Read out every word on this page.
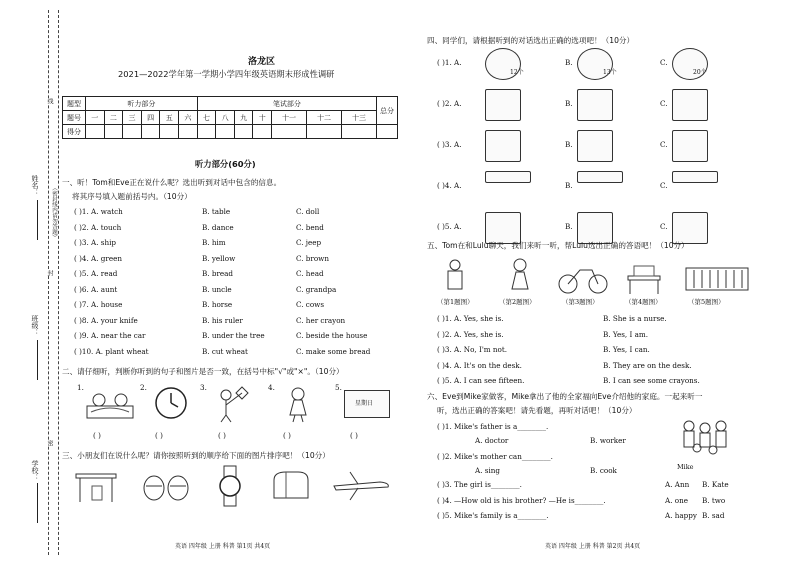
姓名：
班级：
学校：
线
封
密
（密封线内请勿答题）
洛龙区
2021—2022学年第一学期小学四年级英语期末形成性调研
题型	听力部分						笔试部分							总分
题号	一	二	三	四	五	六	七	八	九	十	十一	十二	十三	
得分														
听力部分(60分)
一、听！Tom和Eve正在说什么呢？选出听到对话中包含的信息。
将其序号填入题前括号内。（10分）
( )1. A. watch	B. table	C. doll
( )2. A. touch	B. dance	C. bend
( )3. A. ship	B. him	C. jeep
( )4. A. green	B. yellow	C. brown
( )5. A. read	B. bread	C. head
( )6. A. aunt	B. uncle	C. grandpa
( )7. A. house	B. horse	C. cows
( )8. A. your knife	B. his ruler	C. her crayon
( )9. A. near the car	B. under the tree	C. beside the house
( )10. A. plant wheat	B. cut wheat	C. make some bread
二、请仔细听，判断你听到的句子和图片是否一致，在括号中标"√"或"×"。（10分）
1.	2.	3.	4.	5.
星期日
( )	( )	( )	( )	( )
三、小朋友们在说什么呢？请你按照听到的顺序给下面的图片排序吧！（10分）
四、同学们，请根据听到的对话选出正确的选项吧！（10分）
( )1. A.	B.	C.
( )2. A.	B.	C.
( )3. A.	B.	C.
( )4. A.	B.	C.
( )5. A.	B.	C.
12个	13个	20个
五、Tom在和Lulu聊天，我们来听一听，帮Lulu选出正确的答语吧！（10分）
（第1题图）	（第2题图）	（第3题图）	（第4题图）	（第5题图）
( )1. A. Yes, she is.	B. She is a nurse.
( )2. A. Yes, she is.	B. Yes, I am.
( )3. A. No, I'm not.	B. Yes, I can.
( )4. A. It's on the desk.	B. They are on the desk.
( )5. A. I can see fifteen.	B. I can see some crayons.
六、Eve到Mike家做客，Mike拿出了他的全家福向Eve介绍他的家庭。一起来听一
听，选出正确的答案吧！请先看题，再听对话吧！（10分）
Mike
( )1. Mike's father is a________.
A. doctor	B. worker
( )2. Mike's mother can________.
A. sing	B. cook
( )3. The girl is________.	A. Ann B. Kate
( )4. —How old is his brother? —He is________.	A. one B. two
( )5. Mike's family is a________.	A. happy B. sad
英语 四年级 上册 科普 第1页 共4页	英语 四年级 上册 科普 第2页 共4页
